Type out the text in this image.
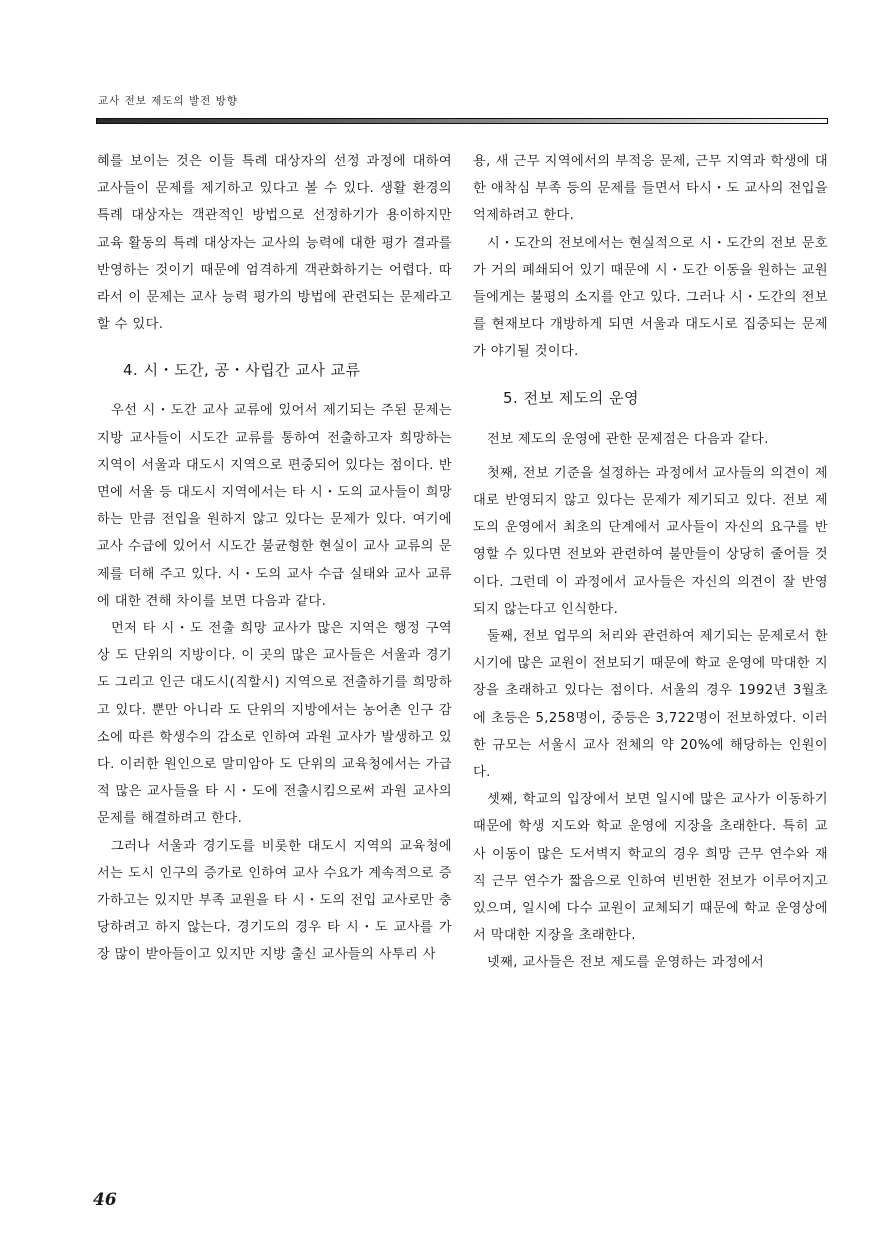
교사 전보 제도의 발전 방향

혜를 보이는 것은 이들 특례 대상자의 선정 과정에 대하여 교사들이 문제를 제기하고 있다고 볼 수 있다. 생활 환경의 특례 대상자는 객관적인 방법으로 선정하기가 용이하지만 교육 활동의 특례 대상자는 교사의 능력에 대한 평가 결과를 반영하는 것이기 때문에 엄격하게 객관화하기는 어렵다. 따라서 이 문제는 교사 능력 평가의 방법에 관련되는 문제라고 할 수 있다.

4. 시・도간, 공・사립간 교사 교류

우선 시・도간 교사 교류에 있어서 제기되는 주된 문제는 지방 교사들이 시도간 교류를 통하여 전출하고자 희망하는 지역이 서울과 대도시 지역으로 편중되어 있다는 점이다. 반면에 서울 등 대도시 지역에서는 타 시・도의 교사들이 희망하는 만큼 전입을 원하지 않고 있다는 문제가 있다. 여기에 교사 수급에 있어서 시도간 불균형한 현실이 교사 교류의 문제를 더해 주고 있다. 시・도의 교사 수급 실태와 교사 교류에 대한 견해 차이를 보면 다음과 같다.

먼저 타 시・도 전출 희망 교사가 많은 지역은 행정 구역상 도 단위의 지방이다. 이 곳의 많은 교사들은 서울과 경기도 그리고 인근 대도시(직할시) 지역으로 전출하기를 희망하고 있다. 뿐만 아니라 도 단위의 지방에서는 농어촌 인구 감소에 따른 학생수의 감소로 인하여 과원 교사가 발생하고 있다. 이러한 원인으로 말미암아 도 단위의 교육청에서는 가급적 많은 교사들을 타 시・도에 전출시킴으로써 과원 교사의 문제를 해결하려고 한다.

그러나 서울과 경기도를 비롯한 대도시 지역의 교육청에서는 도시 인구의 증가로 인하여 교사 수요가 계속적으로 증가하고는 있지만 부족 교원을 타 시・도의 전입 교사로만 충당하려고 하지 않는다. 경기도의 경우 타 시・도 교사를 가장 많이 받아들이고 있지만 지방 출신 교사들의 사투리 사

용, 새 근무 지역에서의 부적응 문제, 근무 지역과 학생에 대한 애착심 부족 등의 문제를 들면서 타시・도 교사의 전입을 억제하려고 한다.

시・도간의 전보에서는 현실적으로 시・도간의 전보 문호가 거의 폐쇄되어 있기 때문에 시・도간 이동을 원하는 교원들에게는 불평의 소지를 안고 있다. 그러나 시・도간의 전보를 현재보다 개방하게 되면 서울과 대도시로 집중되는 문제가 야기될 것이다.

5. 전보 제도의 운영

전보 제도의 운영에 관한 문제점은 다음과 같다.

첫째, 전보 기준을 설정하는 과정에서 교사들의 의견이 제대로 반영되지 않고 있다는 문제가 제기되고 있다. 전보 제도의 운영에서 최초의 단계에서 교사들이 자신의 요구를 반영할 수 있다면 전보와 관련하여 불만들이 상당히 줄어들 것이다. 그런데 이 과정에서 교사들은 자신의 의견이 잘 반영되지 않는다고 인식한다.

둘째, 전보 업무의 처리와 관련하여 제기되는 문제로서 한 시기에 많은 교원이 전보되기 때문에 학교 운영에 막대한 지장을 초래하고 있다는 점이다. 서울의 경우 1992년 3월초에 초등은 5,258명이, 중등은 3,722명이 전보하였다. 이러한 규모는 서울시 교사 전체의 약 20%에 해당하는 인원이다.

셋째, 학교의 입장에서 보면 일시에 많은 교사가 이동하기 때문에 학생 지도와 학교 운영에 지장을 초래한다. 특히 교사 이동이 많은 도서벽지 학교의 경우 희망 근무 연수와 재직 근무 연수가 짧음으로 인하여 빈번한 전보가 이루어지고 있으며, 일시에 다수 교원이 교체되기 때문에 학교 운영상에서 막대한 지장을 초래한다.

넷째, 교사들은 전보 제도를 운영하는 과정에서

46
